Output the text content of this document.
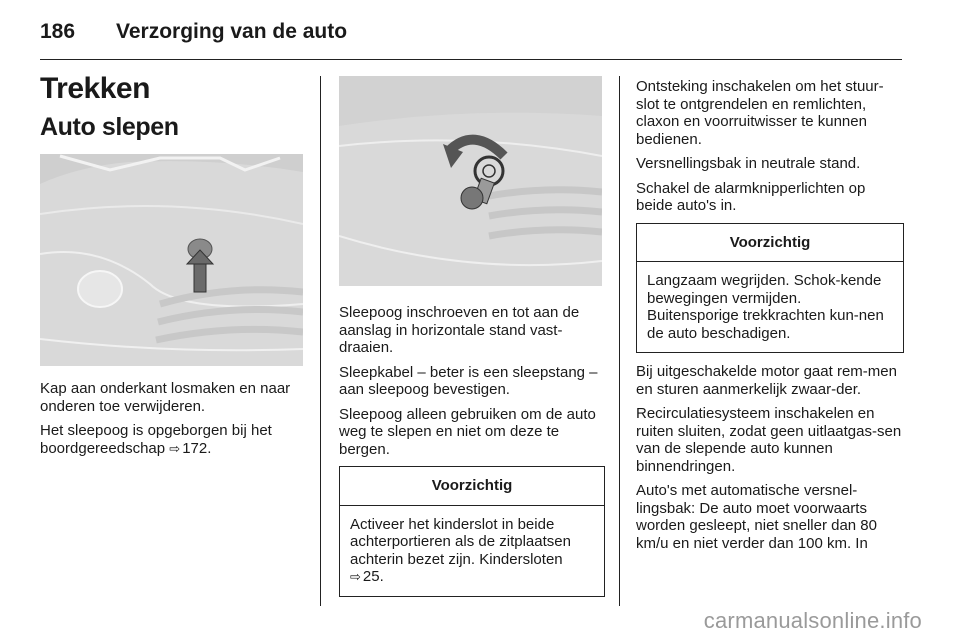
186 Verzorging van de auto
Trekken
Auto slepen

Kap aan onderkant losmaken en naar onderen toe verwijderen.

Het sleepoog is opgeborgen bij het boordgereedschap ⇨ 172.

Sleepoog inschroeven en tot aan de aanslag in horizontale stand vast-draaien.

Sleepkabel – beter is een sleepstang – aan sleepoog bevestigen.

Sleepoog alleen gebruiken om de auto weg te slepen en niet om deze te bergen.

Voorzichtig
Activeer het kinderslot in beide achterportieren als de zitplaatsen achterin bezet zijn. Kindersloten
⇨ 25.

Ontsteking inschakelen om het stuur-slot te ontgrendelen en remlichten, claxon en voorruitwisser te kunnen bedienen.

Versnellingsbak in neutrale stand.

Schakel de alarmknipperlichten op beide auto's in.

Voorzichtig
Langzaam wegrijden. Schok-kende bewegingen vermijden. Buitensporige trekkrachten kun-nen de auto beschadigen.

Bij uitgeschakelde motor gaat rem-men en sturen aanmerkelijk zwaar-der.

Recirculatiesysteem inschakelen en ruiten sluiten, zodat geen uitlaatgas-sen van de slepende auto kunnen binnendringen.

Auto's met automatische versnel-lingsbak: De auto moet voorwaarts worden gesleept, niet sneller dan 80 km/u en niet verder dan 100 km. In

carmanualsonline.info
